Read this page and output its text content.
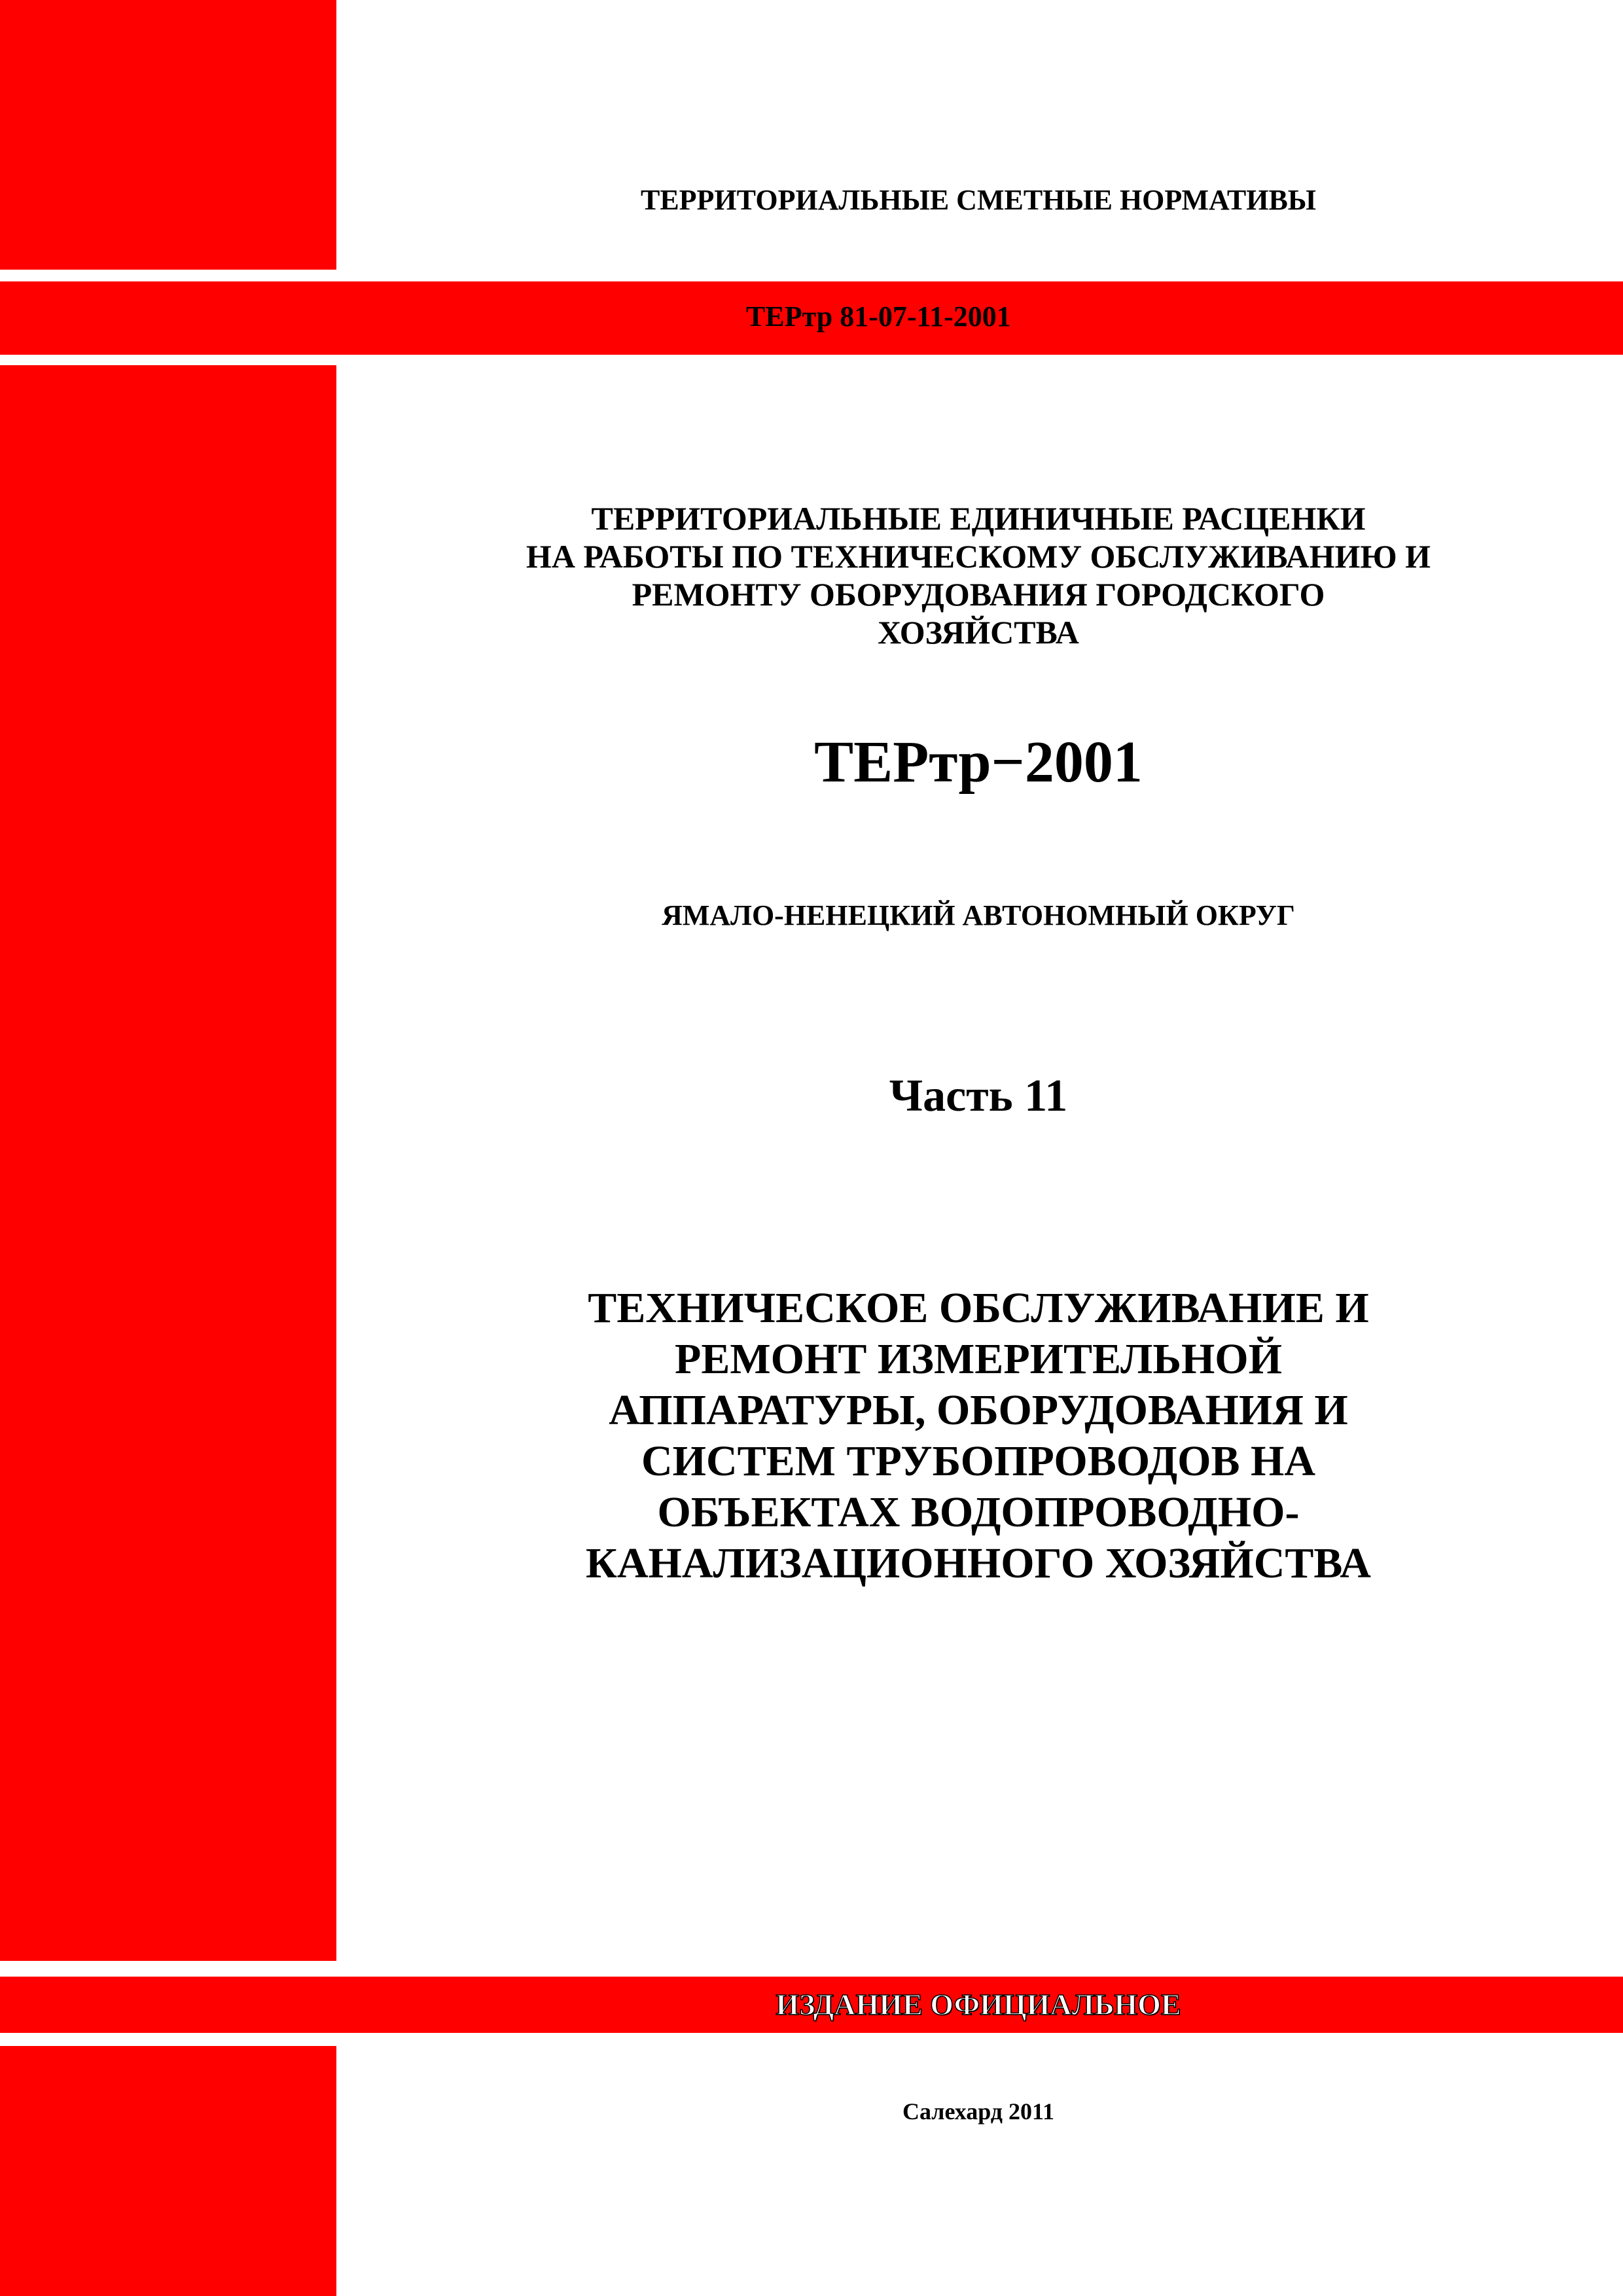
ТЕРРИТОРИАЛЬНЫЕ СМЕТНЫЕ НОРМАТИВЫ

ТЕРтр 81-07-11-2001

ТЕРРИТОРИАЛЬНЫЕ ЕДИНИЧНЫЕ РАСЦЕНКИ
НА РАБОТЫ ПО ТЕХНИЧЕСКОМУ ОБСЛУЖИВАНИЮ И
РЕМОНТУ ОБОРУДОВАНИЯ ГОРОДСКОГО
ХОЗЯЙСТВА

ТЕРтр−2001

ЯМАЛО-НЕНЕЦКИЙ АВТОНОМНЫЙ ОКРУГ

Часть 11

ТЕХНИЧЕСКОЕ ОБСЛУЖИВАНИЕ И
РЕМОНТ ИЗМЕРИТЕЛЬНОЙ
АППАРАТУРЫ, ОБОРУДОВАНИЯ И
СИСТЕМ ТРУБОПРОВОДОВ НА
ОБЪЕКТАХ ВОДОПРОВОДНО-
КАНАЛИЗАЦИОННОГО ХОЗЯЙСТВА

ИЗДАНИЕ ОФИЦИАЛЬНОЕ

Салехард 2011
